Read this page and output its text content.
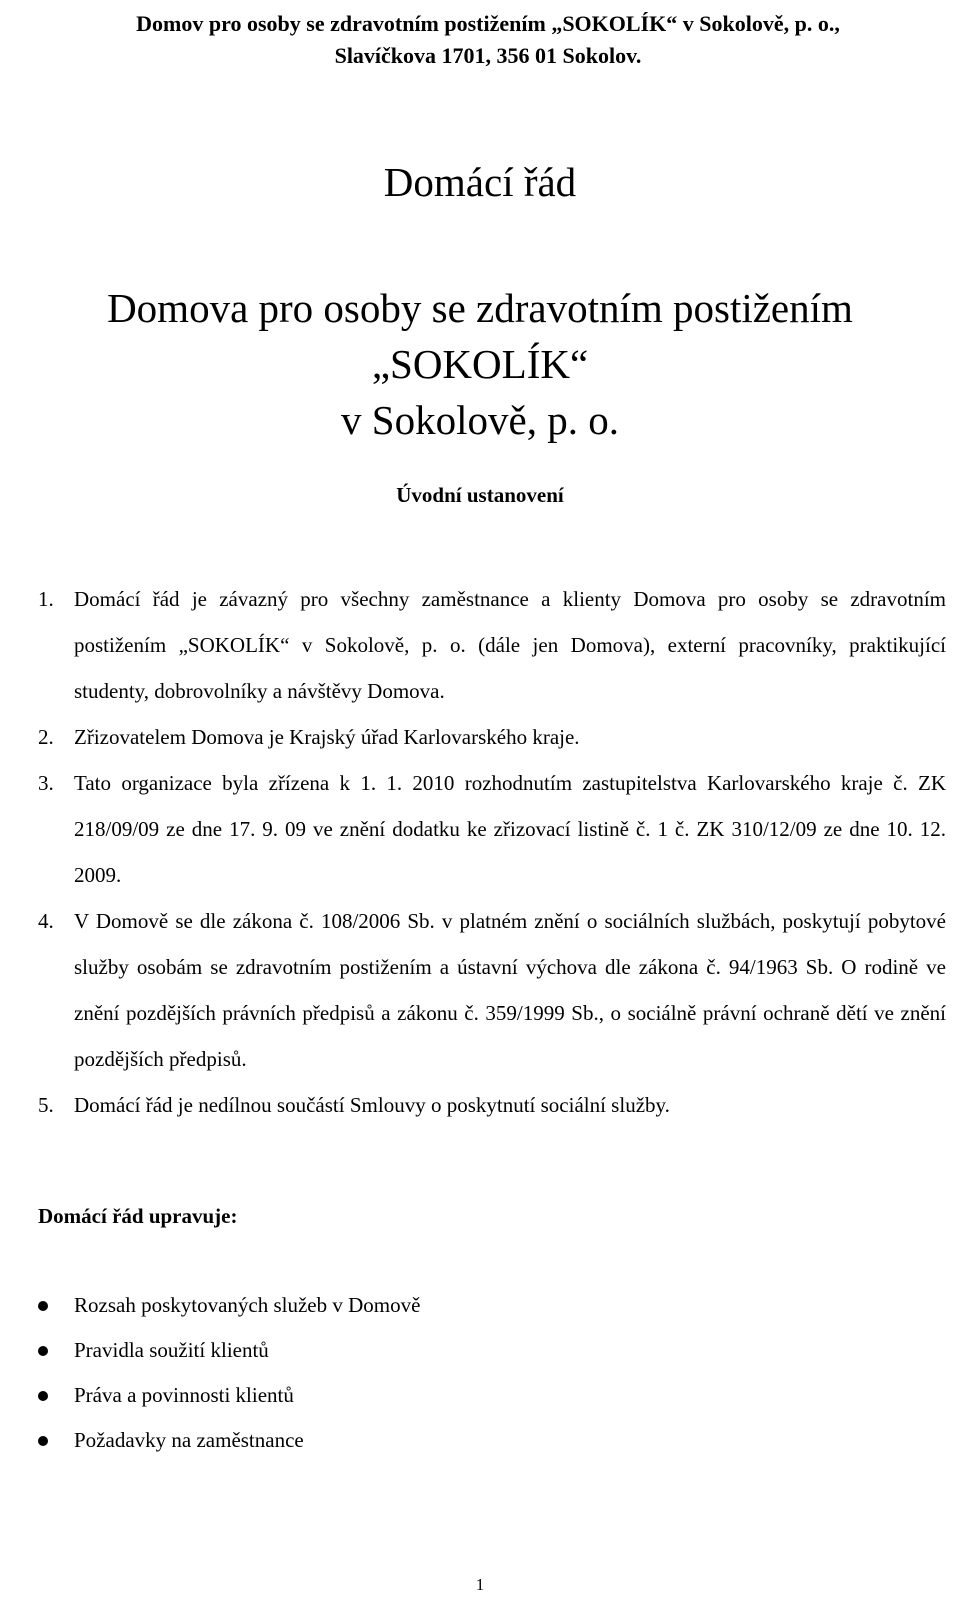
Domov pro osoby se zdravotním postižením „SOKOLÍK“ v Sokolově, p. o.,
Slavíčkova 1701, 356 01 Sokolov.
Domácí řád
Domova pro osoby se zdravotním postižením „SOKOLÍK“
v Sokolově, p. o.
Úvodní ustanovení
1. Domácí řád je závazný pro všechny zaměstnance a klienty Domova pro osoby se zdravotním postižením „SOKOLÍK“ v Sokolově, p. o. (dále jen Domova), externí pracovníky, praktikující studenty, dobrovolníky a návštěvy Domova.
2. Zřizovatelem Domova je Krajský úřad Karlovarského kraje.
3. Tato organizace byla zřízena k 1. 1. 2010 rozhodnutím zastupitelstva Karlovarského kraje č. ZK 218/09/09 ze dne 17. 9. 09 ve znění dodatku ke zřizovací listině č. 1 č. ZK 310/12/09 ze dne 10. 12. 2009.
4. V Domově se dle zákona č. 108/2006 Sb. v platném znění o sociálních službách, poskytují pobytové služby osobám se zdravotním postižením a ústavní výchova dle zákona č. 94/1963 Sb. O rodině ve znění pozdějších právních předpisů a zákonu č. 359/1999 Sb., o sociálně právní ochraně dětí ve znění pozdějších předpisů.
5. Domácí řád je nedílnou součástí Smlouvy o poskytnutí sociální služby.
Domácí řád upravuje:
Rozsah poskytovaných služeb v Domově
Pravidla soužití klientů
Práva a povinnosti klientů
Požadavky na zaměstnance
1
